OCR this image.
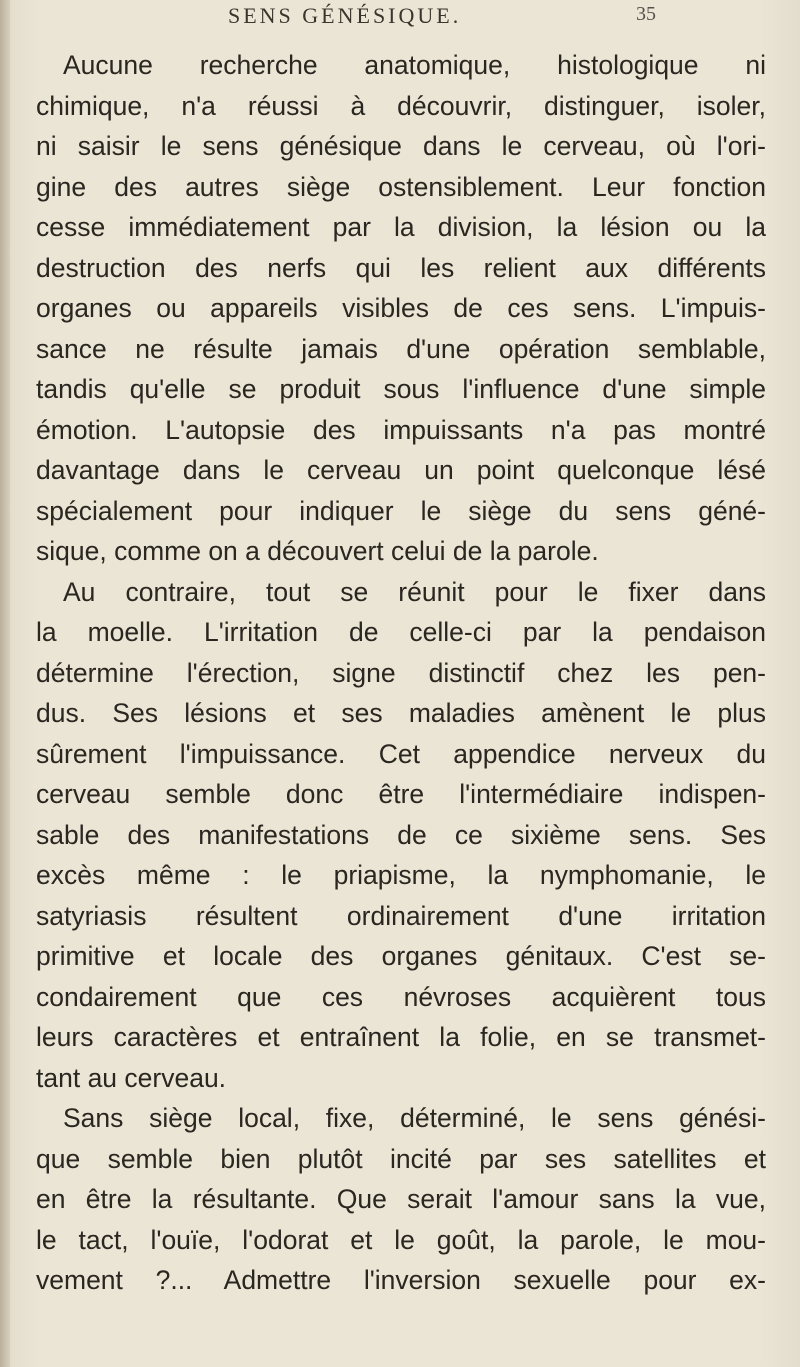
SENS GÉNÉSIQUE.	35
Aucune recherche anatomique, histologique ni
chimique, n'a réussi à découvrir, distinguer, isoler,
ni saisir le sens génésique dans le cerveau, où l'ori-
gine des autres siège ostensiblement. Leur fonction
cesse immédiatement par la division, la lésion ou la
destruction des nerfs qui les relient aux différents
organes ou appareils visibles de ces sens. L'impuis-
sance ne résulte jamais d'une opération semblable,
tandis qu'elle se produit sous l'influence d'une simple
émotion. L'autopsie des impuissants n'a pas montré
davantage dans le cerveau un point quelconque lésé
spécialement pour indiquer le siège du sens géné-
sique, comme on a découvert celui de la parole.
Au contraire, tout se réunit pour le fixer dans
la moelle. L'irritation de celle-ci par la pendaison
détermine l'érection, signe distinctif chez les pen-
dus. Ses lésions et ses maladies amènent le plus
sûrement l'impuissance. Cet appendice nerveux du
cerveau semble donc être l'intermédiaire indispen-
sable des manifestations de ce sixième sens. Ses
excès même : le priapisme, la nymphomanie, le
satyriasis résultent ordinairement d'une irritation
primitive et locale des organes génitaux. C'est se-
condairement que ces névroses acquièrent tous
leurs caractères et entraînent la folie, en se transmet-
tant au cerveau.
Sans siège local, fixe, déterminé, le sens génési-
que semble bien plutôt incité par ses satellites et
en être la résultante. Que serait l'amour sans la vue,
le tact, l'ouïe, l'odorat et le goût, la parole, le mou-
vement ?... Admettre l'inversion sexuelle pour ex-
